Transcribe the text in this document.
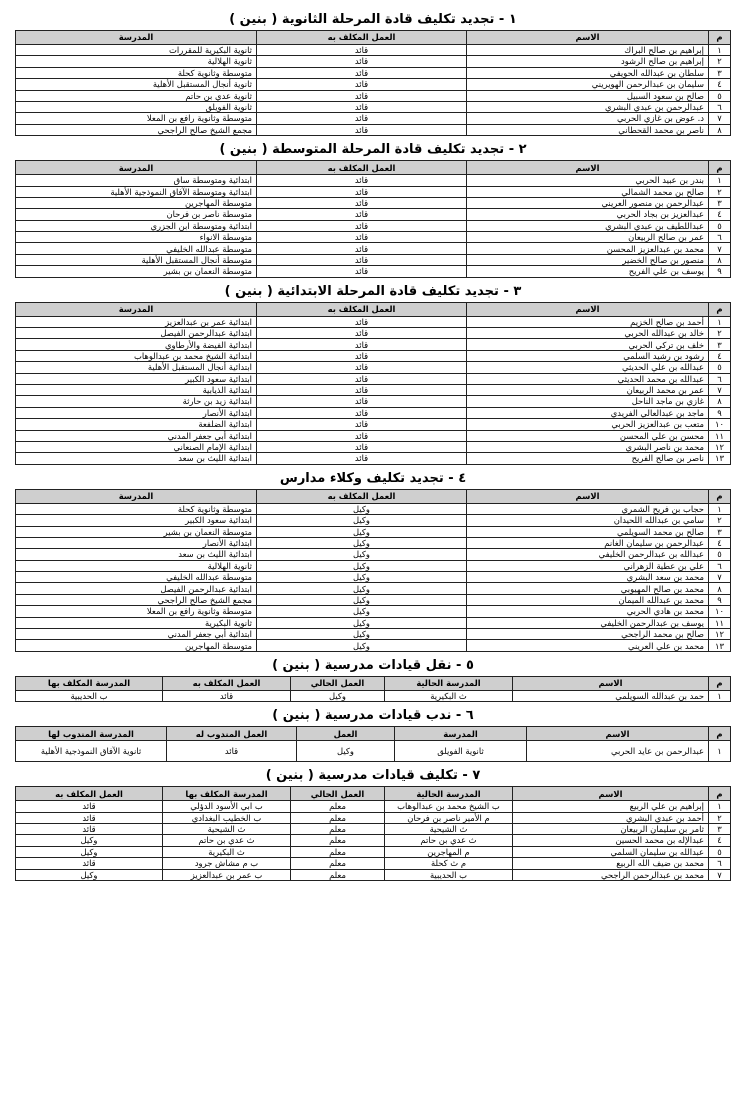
١ - تجديد تكليف قادة المرحلة الثانوية ( بنين )
م	الاسم	العمل المكلف به	المدرسة
١	إبراهيم بن صالح البراك	قائد	ثانوية البكيرية للمقررات
٢	إبراهيم بن صالح الرشود	قائد	ثانوية الهلالية
٣	سلطان بن عبدالله الحويفي	قائد	متوسطة وثانوية كحلة
٤	سليمان بن عبدالرحمن الهويريني	قائد	ثانوية أنجال المستقبل الأهلية
٥	صالح بن سعود السبيل	قائد	ثانوية عدي بن حاتم
٦	عبدالرحمن بن عبدي البشري	قائد	ثانوية الفويلق
٧	د. عوض بن غازي الحربي	قائد	متوسطة وثانوية رافع بن المعلا
٨	ناصر بن محمد القحطاني	قائد	مجمع الشيخ صالح الراجحي
٢ - تجديد تكليف قادة المرحلة المتوسطة ( بنين )
م	الاسم	العمل المكلف به	المدرسة
١	بندر بن عبيد الحربي	قائد	ابتدائية ومتوسطة ساق
٢	صالح بن محمد الشمالي	قائد	ابتدائية ومتوسطة الآفاق النموذجية الأهلية
٣	عبدالرحمن بن منصور العريني	قائد	متوسطة المهاجرين
٤	عبدالعزيز بن بجاد الحربي	قائد	متوسطة ناصر بن فرحان
٥	عبداللطيف بن عبدي البشري	قائد	ابتدائية ومتوسطة ابن الجزري
٦	عمر بن صالح الربيعان	قائد	متوسطة الانواء
٧	محمد بن عبدالعزيز المحسن	قائد	متوسطة عبدالله الخليفي
٨	منصور بن صالح الخضير	قائد	متوسطة أنجال المستقبل الأهلية
٩	يوسف بن علي الفريح	قائد	متوسطة النعمان بن بشير
٣ - تجديد تكليف قادة المرحلة الابتدائية ( بنين )
م	الاسم	العمل المكلف به	المدرسة
١	أحمد بن صالح الخزيم	قائد	ابتدائية عمر بن عبدالعزيز
٢	خالد بن عبدالله الحربي	قائد	ابتدائية عبدالرحمن الفيصل
٣	خلف بن تركي الحربي	قائد	ابتدائية الفيضة والأرطاوي
٤	رشود بن رشيد السلمي	قائد	ابتدائية الشيخ محمد بن عبدالوهاب
٥	عبدالله بن علي الحديثي	قائد	ابتدائية أنجال المستقبل الأهلية
٦	عبدالله بن محمد الحديثي	قائد	ابتدائية سعود الكبير
٧	عمر بن محمد الربيعان	قائد	ابتدائية الذيابية
٨	غازي بن ماجد الناحل	قائد	ابتدائية زيد بن حارثة
٩	ماجد بن عبدالعالي الفريدي	قائد	ابتدائية الأنصار
١٠	متعب بن عبدالعزيز الحربي	قائد	ابتدائية الضلفعة
١١	محسن بن علي المحسن	قائد	ابتدائية أبي جعفر المدني
١٢	محمد بن ناصر البشري	قائد	ابتدائية الإمام الصنعاني
١٣	ناصر بن صالح الفريح	قائد	ابتدائية الليث بن سعد
٤ - تجديد تكليف وكلاء مدارس
م	الاسم	العمل المكلف به	المدرسة
١	حجاب بن فريح الشمري	وكيل	متوسطة وثانوية كحلة
٢	سامي بن عبدالله اللحيدان	وكيل	ابتدائية سعود الكبير
٣	صالح بن محمد السويلمي	وكيل	متوسطة النعمان بن بشير
٤	عبدالرحمن بن سليمان الغانم	وكيل	ابتدائية الأنصار
٥	عبدالله بن عبدالرحمن الخليفي	وكيل	ابتدائية الليث بن سعد
٦	علي بن عطية الزهراني	وكيل	ثانوية الهلالية
٧	محمد بن سعد البشري	وكيل	متوسطة عبدالله الخليفي
٨	محمد بن صالح المهيوبي	وكيل	ابتدائية عبدالرحمن الفيصل
٩	محمد بن عبدالله الميمان	وكيل	مجمع الشيخ صالح الراجحي
١٠	محمد بن هادي الحربي	وكيل	متوسطة وثانوية رافع بن المعلا
١١	يوسف بن عبدالرحمن الخليفي	وكيل	ثانوية البكيرية
١٢	صالح بن محمد الراجحي	وكيل	ابتدائية أبي جعفر المدني
١٣	محمد بن علي العريني	وكيل	متوسطة المهاجرين
٥ - نقل قيادات مدرسية ( بنين )
م	الاسم	المدرسة الحالية	العمل الحالي	العمل المكلف به	المدرسة المكلف بها
١	حمد بن عبدالله السويلمي	ث البكيرية	وكيل	قائد	ب الحديبية
٦ - ندب قيادات مدرسية ( بنين )
م	الاسم	المدرسة	العمل	العمل المندوب له	المدرسة المندوب لها
١	عبدالرحمن بن عايد الحربي	ثانوية الفويلق	وكيل	قائد	ثانوية الآفاق النموذجية الأهلية
٧ - تكليف قيادات مدرسية ( بنين )
م	الاسم	المدرسة الحالية	العمل الحالي	المدرسة المكلف بها	العمل المكلف به
١	إبراهيم بن علي الربيع	ب الشيخ محمد بن عبدالوهاب	معلم	ب ابي الأسود الدؤلي	قائد
٢	أحمد بن عبدي البشري	م الأمير ناصر بن فرحان	معلم	ب الخطيب البغدادي	قائد
٣	ثامر بن سليمان الربيعان	ث الشيحية	معلم	ث الشيحية	قائد
٤	عبدالإله بن محمد الحسين	ث عدي بن حاتم	معلم	ث عدي بن حاتم	وكيل
٥	عبدالله بن سليمان السلمي	م المهاجرين	معلم	ث البكيرية	وكيل
٦	محمد بن ضيف الله الربيع	م ث كحلة	معلم	ب م مشاش جرود	قائد
٧	محمد بن عبدالرحمن الراجحي	ب الحديبية	معلم	ب عمر بن عبدالعزيز	وكيل
